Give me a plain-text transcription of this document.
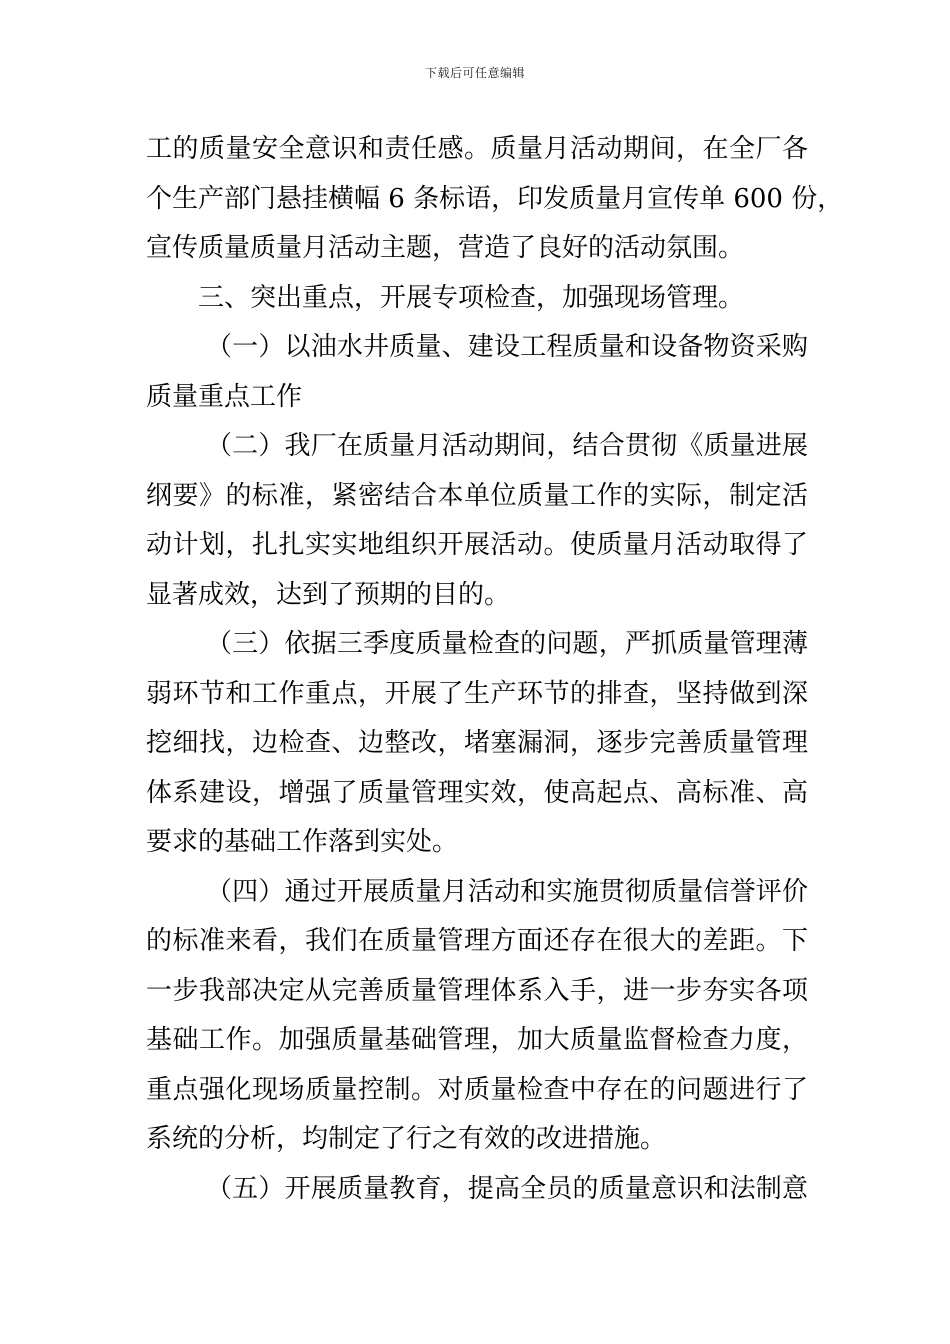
下载后可任意编辑
工的质量安全意识和责任感。质量月活动期间，在全厂各
个生产部门悬挂横幅 6 条标语，印发质量月宣传单 600 份，
宣传质量质量月活动主题，营造了良好的活动氛围。
三、突出重点，开展专项检查，加强现场管理。
（一）以油水井质量、建设工程质量和设备物资采购
质量重点工作
（二）我厂在质量月活动期间，结合贯彻《质量进展
纲要》的标准，紧密结合本单位质量工作的实际，制定活
动计划，扎扎实实地组织开展活动。使质量月活动取得了
显著成效，达到了预期的目的。
（三）依据三季度质量检查的问题，严抓质量管理薄
弱环节和工作重点，开展了生产环节的排查，坚持做到深
挖细找，边检查、边整改，堵塞漏洞，逐步完善质量管理
体系建设，增强了质量管理实效，使高起点、高标准、高
要求的基础工作落到实处。
（四）通过开展质量月活动和实施贯彻质量信誉评价
的标准来看，我们在质量管理方面还存在很大的差距。下
一步我部决定从完善质量管理体系入手，进一步夯实各项
基础工作。加强质量基础管理，加大质量监督检查力度，
重点强化现场质量控制。对质量检查中存在的问题进行了
系统的分析，均制定了行之有效的改进措施。
（五）开展质量教育，提高全员的质量意识和法制意
